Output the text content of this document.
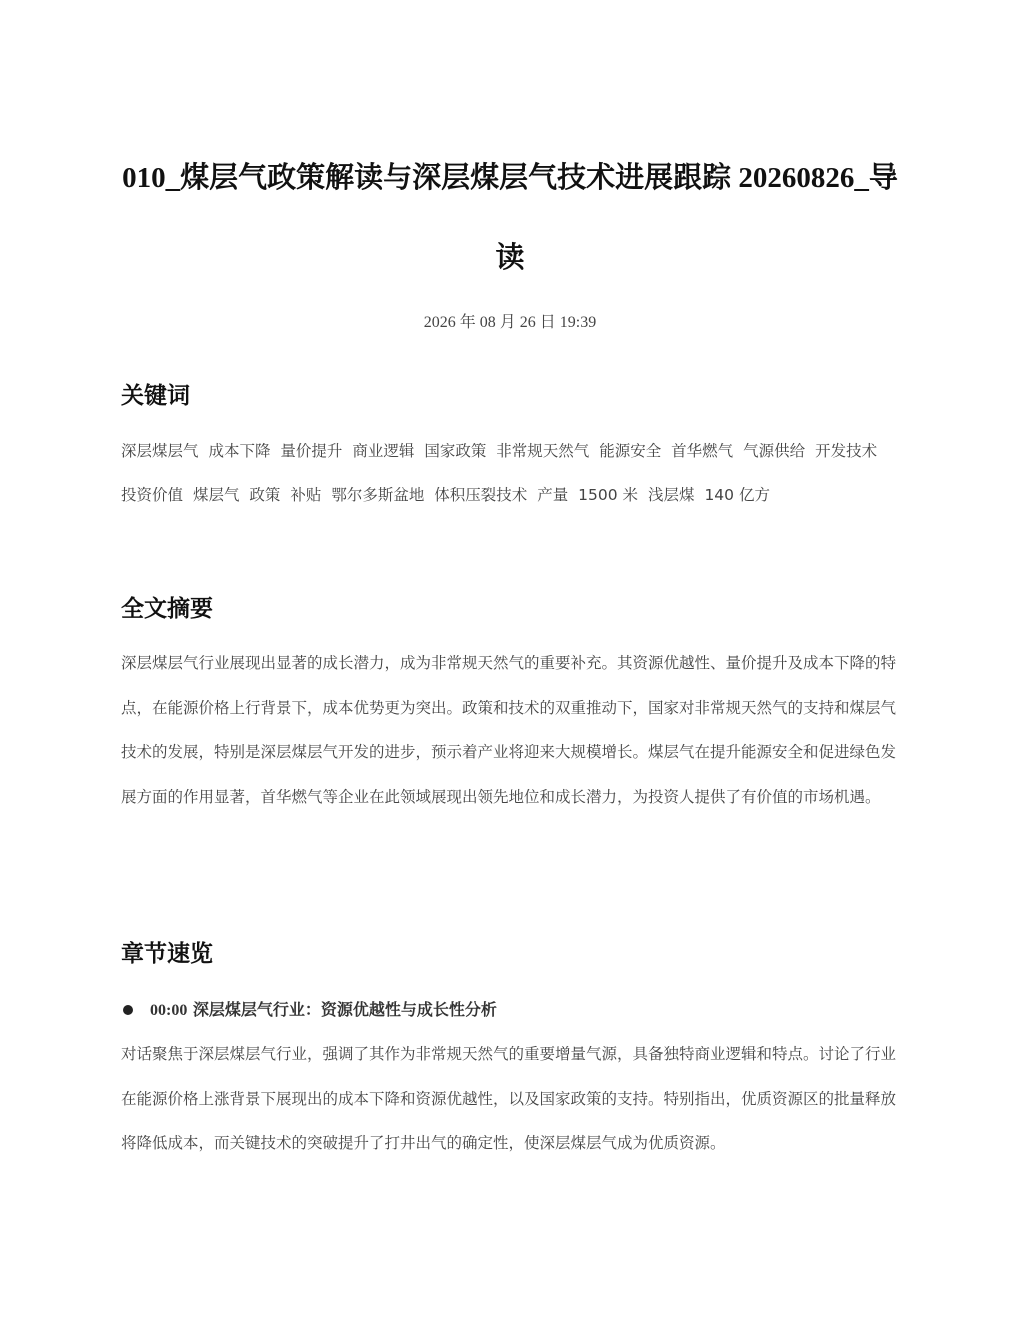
010_煤层气政策解读与深层煤层气技术进展跟踪 20260826_导读
2026 年 08 月 26 日 19:39
关键词
深层煤层气 成本下降 量价提升 商业逻辑 国家政策 非常规天然气 能源安全 首华燃气 气源供给 开发技术 投资价值 煤层气 政策 补贴 鄂尔多斯盆地 体积压裂技术 产量 1500 米 浅层煤 140 亿方
全文摘要

深层煤层气行业展现出显著的成长潜力，成为非常规天然气的重要补充。其资源优越性、量价提升及成本下降的特点，在能源价格上行背景下，成本优势更为突出。政策和技术的双重推动下，国家对非常规天然气的支持和煤层气技术的发展，特别是深层煤层气开发的进步，预示着产业将迎来大规模增长。煤层气在提升能源安全和促进绿色发展方面的作用显著，首华燃气等企业在此领域展现出领先地位和成长潜力，为投资人提供了有价值的市场机遇。

章节速览
00:00 深层煤层气行业：资源优越性与成长性分析

对话聚焦于深层煤层气行业，强调了其作为非常规天然气的重要增量气源，具备独特商业逻辑和特点。讨论了行业在能源价格上涨背景下展现出的成本下降和资源优越性，以及国家政策的支持。特别指出，优质资源区的批量释放将降低成本，而关键技术的突破提升了打井出气的确定性，使深层煤层气成为优质资源。
